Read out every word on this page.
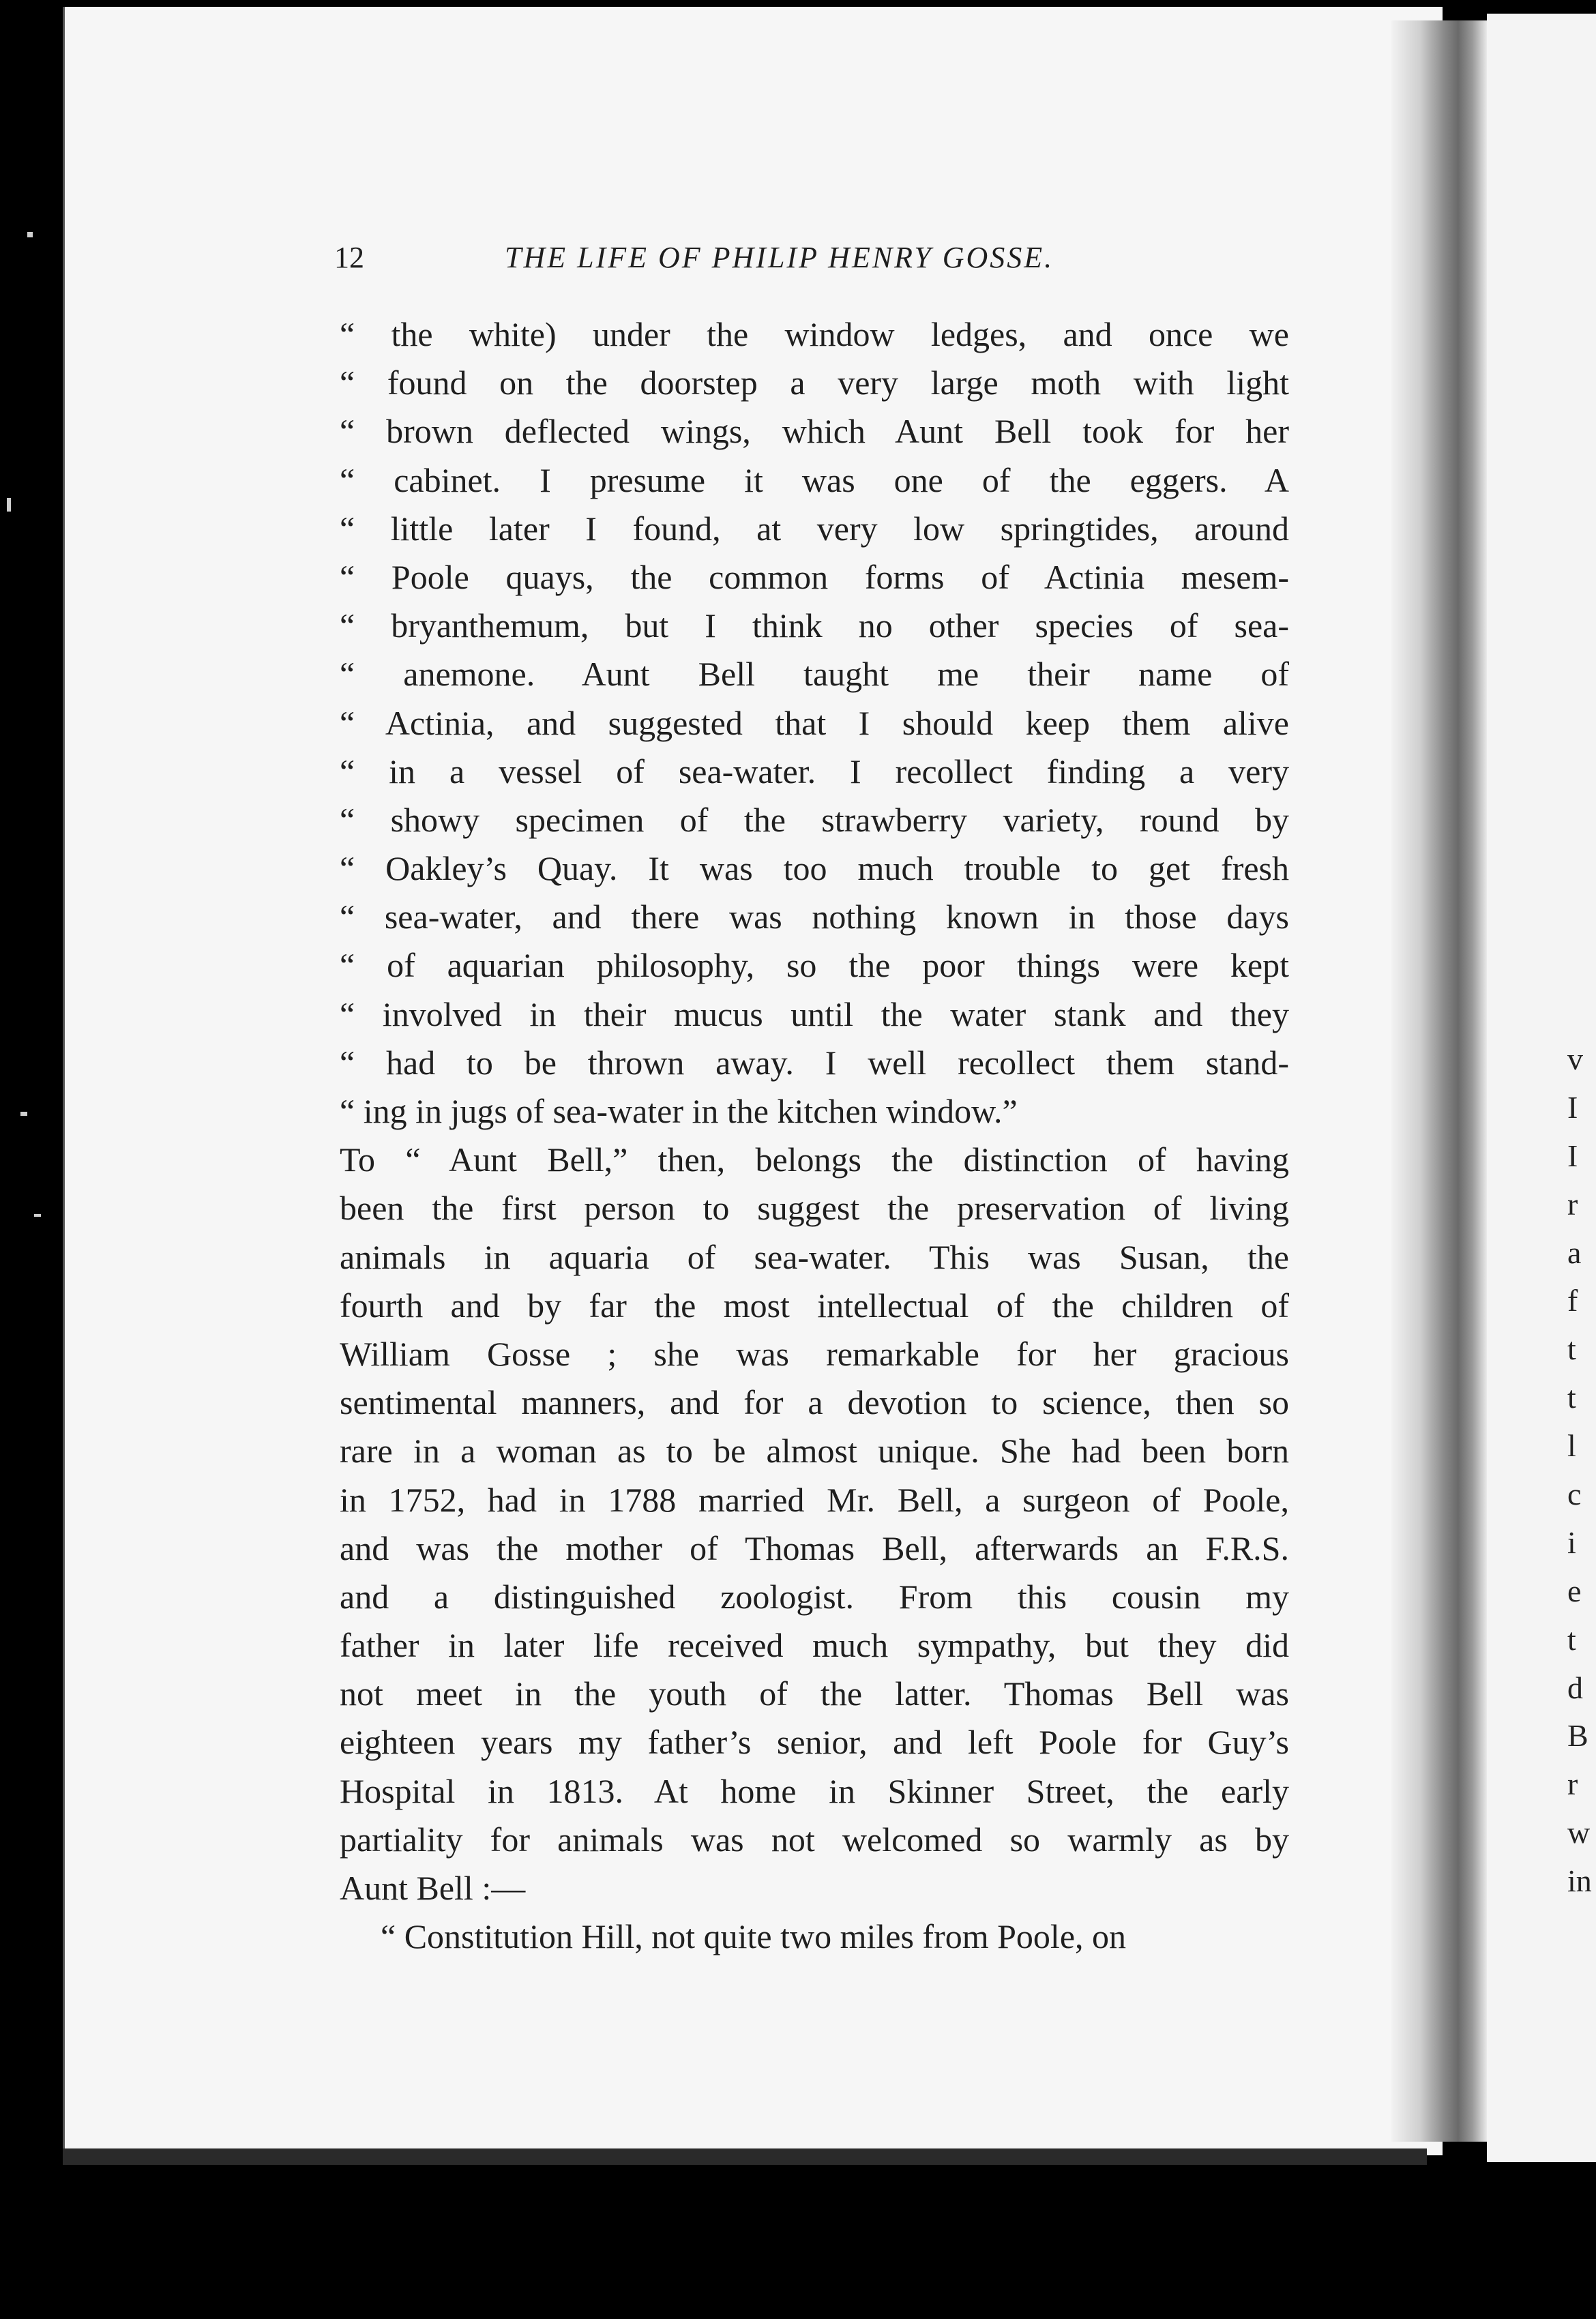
v
I
I
r
a
f
t
t
l
c
i
e
t
d
B
r
w
in
12	THE LIFE OF PHILIP HENRY GOSSE.
“ the white) under the window ledges, and once we
“ found on the doorstep a very large moth with light
“ brown deflected wings, which Aunt Bell took for her
“ cabinet. I presume it was one of the eggers. A
“ little later I found, at very low springtides, around
“ Poole quays, the common forms of Actinia mesem-
“ bryanthemum, but I think no other species of sea-
“ anemone. Aunt Bell taught me their name of
“ Actinia, and suggested that I should keep them alive
“ in a vessel of sea-water. I recollect finding a very
“ showy specimen of the strawberry variety, round by
“ Oakley’s Quay. It was too much trouble to get fresh
“ sea-water, and there was nothing known in those days
“ of aquarian philosophy, so the poor things were kept
“ involved in their mucus until the water stank and they
“ had to be thrown away. I well recollect them stand-
“ ing in jugs of sea-water in the kitchen window.”
To “ Aunt Bell,” then, belongs the distinction of having
been the first person to suggest the preservation of living
animals in aquaria of sea-water. This was Susan, the
fourth and by far the most intellectual of the children of
William Gosse ; she was remarkable for her gracious
sentimental manners, and for a devotion to science, then so
rare in a woman as to be almost unique. She had been born
in 1752, had in 1788 married Mr. Bell, a surgeon of Poole,
and was the mother of Thomas Bell, afterwards an F.R.S.
and a distinguished zoologist. From this cousin my
father in later life received much sympathy, but they did
not meet in the youth of the latter. Thomas Bell was
eighteen years my father’s senior, and left Poole for Guy’s
Hospital in 1813. At home in Skinner Street, the early
partiality for animals was not welcomed so warmly as by
Aunt Bell :—
“ Constitution Hill, not quite two miles from Poole, on
